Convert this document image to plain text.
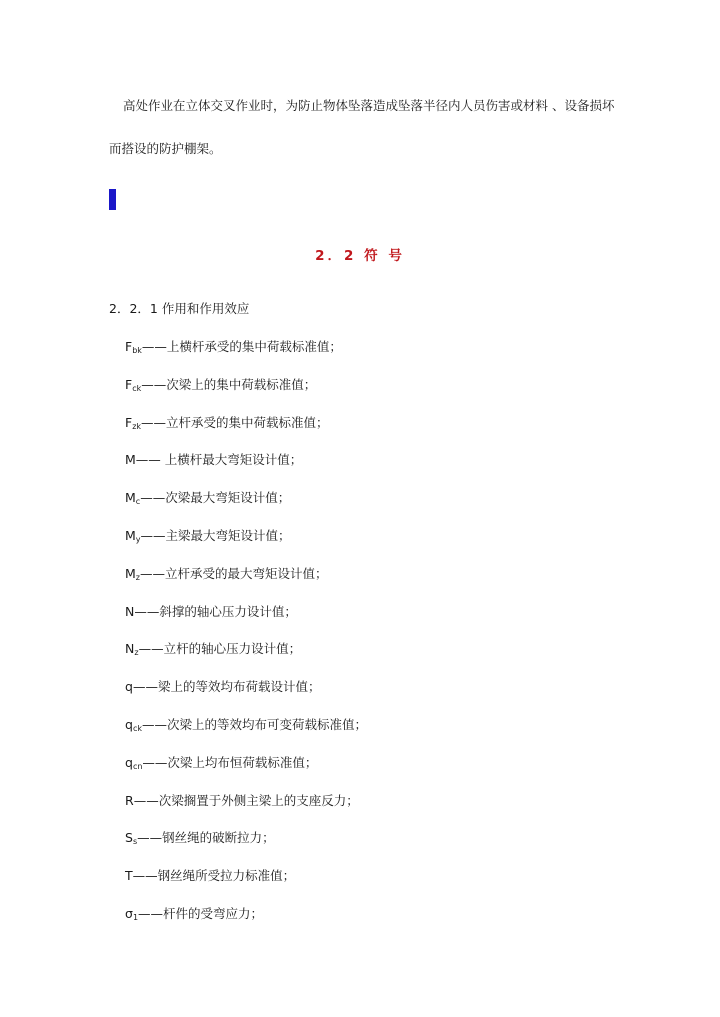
高处作业在立体交叉作业时，为防止物体坠落造成坠落半径内人员伤害或材料 、设备损坏而搭设的防护棚架。
2．2 符 号
2．2．1 作用和作用效应
$F_{bk}——$上横杆承受的集中荷载标准值；
$F_{ck}——$次梁上的集中荷载标准值；
$F_{zk}——$立杆承受的集中荷载标准值；
M—— 上横杆最大弯矩设计值；
$M_c——$次梁最大弯矩设计值；
$M_y——$主梁最大弯矩设计值；
$M_z——$立杆承受的最大弯矩设计值；
N——斜撑的轴心压力设计值；
$N_z——$立杆的轴心压力设计值；
q——梁上的等效均布荷载设计值；
$q_{ck}——$次梁上的等效均布可变荷载标准值；
$q_{cn}——$次梁上均布恒荷载标准值；
R——次梁搁置于外侧主梁上的支座反力；
$S_s——$钢丝绳的破断拉力；
T——钢丝绳所受拉力标准值；
$\sigma_1——$杆件的受弯应力；
